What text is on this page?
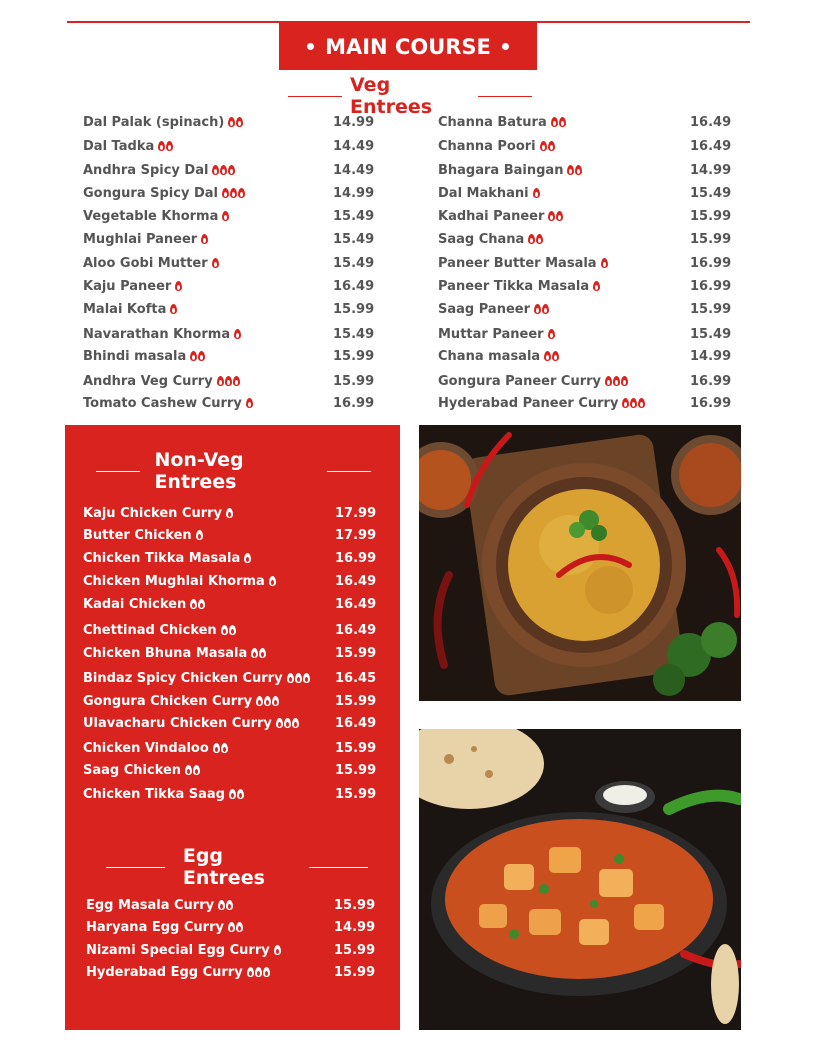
MAIN COURSE
Veg Entrees
Dal Palak (spinach)	14.99
Dal Tadka	14.49
Andhra Spicy Dal	14.49
Gongura Spicy Dal	14.99
Vegetable Khorma	15.49
Mughlai Paneer	15.49
Aloo Gobi Mutter	15.49
Kaju Paneer	16.49
Malai Kofta	15.99
Navarathan Khorma	15.49
Bhindi masala	15.99
Andhra Veg Curry	15.99
Tomato Cashew Curry	16.99
Channa Batura	16.49
Channa Poori	16.49
Bhagara Baingan	14.99
Dal Makhani	15.49
Kadhai Paneer	15.99
Saag Chana	15.99
Paneer Butter Masala	16.99
Paneer Tikka Masala	16.99
Saag Paneer	15.99
Muttar Paneer	15.49
Chana masala	14.99
Gongura Paneer Curry	16.99
Hyderabad Paneer Curry	16.99
Non-Veg Entrees
Kaju Chicken Curry	17.99
Butter Chicken	17.99
Chicken Tikka Masala	16.99
Chicken Mughlai Khorma	16.49
Kadai Chicken	16.49
Chettinad Chicken	16.49
Chicken Bhuna Masala	15.99
Bindaz Spicy Chicken Curry	16.45
Gongura Chicken Curry	15.99
Ulavacharu Chicken Curry	16.49
Chicken Vindaloo	15.99
Saag Chicken	15.99
Chicken Tikka Saag	15.99
Egg Entrees
Egg Masala Curry	15.99
Haryana Egg Curry	14.99
Nizami Special Egg Curry	15.99
Hyderabad Egg Curry	15.99
